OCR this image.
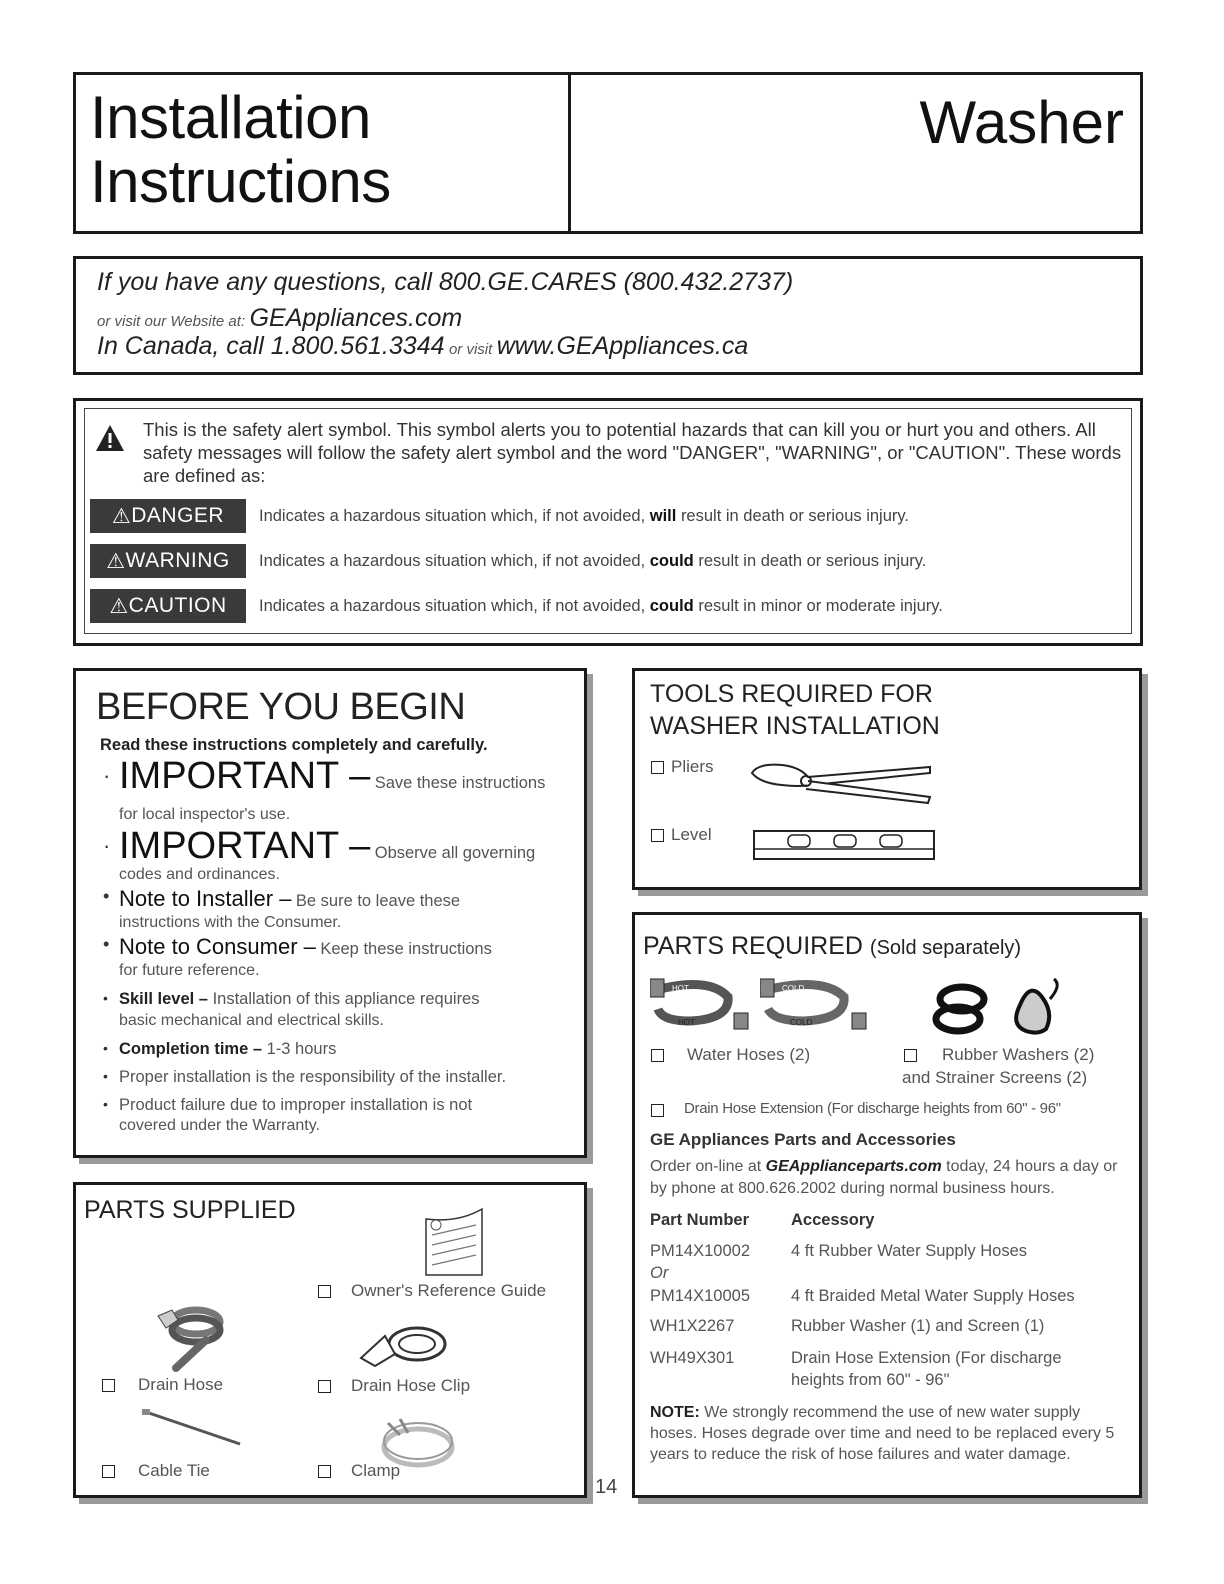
Installation
Instructions
Washer
If you have any questions, call 800.GE.CARES (800.432.2737)
or visit our Website at: GEAppliances.com
In Canada, call 1.800.561.3344 or visit www.GEAppliances.ca
This is the safety alert symbol. This symbol alerts you to potential hazards that can kill you or hurt you and others. All safety messages will follow the safety alert symbol and the word "DANGER", "WARNING", or "CAUTION". These words are defined as:
⚠ DANGER Indicates a hazardous situation which, if not avoided, will result in death or serious injury.
⚠ WARNING Indicates a hazardous situation which, if not avoided, could result in death or serious injury.
⚠ CAUTION Indicates a hazardous situation which, if not avoided, could result in minor or moderate injury.
BEFORE YOU BEGIN
Read these instructions completely and carefully.
· IMPORTANT – Save these instructions
for local inspector's use.
· IMPORTANT – Observe all governing
codes and ordinances.
• Note to Installer – Be sure to leave these
instructions with the Consumer.
• Note to Consumer – Keep these instructions
for future reference.
• Skill level – Installation of this appliance requires
basic mechanical and electrical skills.
• Completion time – 1-3 hours
• Proper installation is the responsibility of the installer.
• Product failure due to improper installation is not
covered under the Warranty.
PARTS SUPPLIED
Owner's Reference Guide
Drain Hose	Drain Hose Clip
Cable Tie	Clamp
TOOLS REQUIRED FOR
WASHER INSTALLATION
Pliers
Level
PARTS REQUIRED (Sold separately)
HOT
HOT
COLD
COLD
Water Hoses (2)	Rubber Washers (2)
and Strainer Screens (2)
Drain Hose Extension (For discharge heights from 60" - 96"
GE Appliances Parts and Accessories
Order on-line at GEApplianceparts.com today, 24 hours a day or by phone at 800.626.2002 during normal business hours.
Part Number	Accessory
PM14X10002 4 ft Rubber Water Supply Hoses
Or
PM14X10005 4 ft Braided Metal Water Supply Hoses
WH1X2267	Rubber Washer (1) and Screen (1)
WH49X301	Drain Hose Extension (For discharge
heights from 60" - 96"
NOTE: We strongly recommend the use of new water supply hoses. Hoses degrade over time and need to be replaced every 5 years to reduce the risk of hose failures and water damage.
14
